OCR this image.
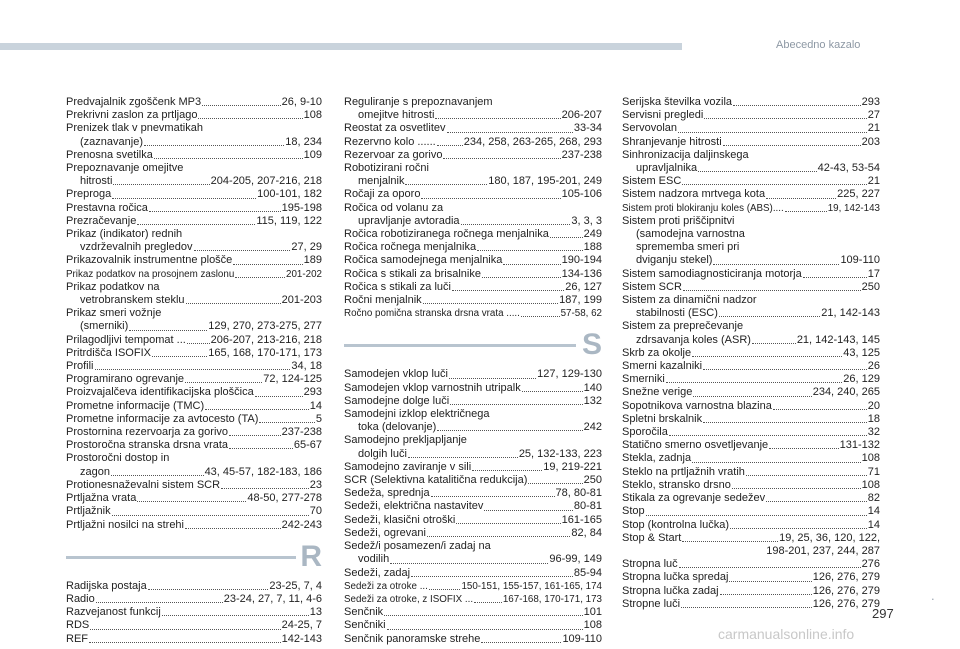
Abecedno kazalo
Predvajalnik zgoščenk MP3	26, 9-10
Prekrivni zaslon za prtljago	108
Prenizek tlak v pnevmatikah
(zaznavanje)	18, 234
Prenosna svetilka	109
Prepoznavanje omejitve
hitrosti	204-205, 207-216, 218
Preproga	100-101, 182
Prestavna ročica	195-198
Prezračevanje	115, 119, 122
Prikaz (indikator) rednih
vzdrževalnih pregledov	27, 29
Prikazovalnik instrumentne plošče	189
Prikaz podatkov na prosojnem zaslonu	201-202
Prikaz podatkov na
vetrobranskem steklu	201-203
Prikaz smeri vožnje
(smerniki)	129, 270, 273-275, 277
Prilagodljivi tempomat ... 206-207, 213-216, 218
Pritrdišča ISOFIX	165, 168, 170-171, 173
Profili	34, 18
Programirano ogrevanje	72, 124-125
Proizvajalčeva identifikacijska ploščica	293
Prometne informacije (TMC)	14
Prometne informacije za avtocesto (TA)	5
Prostornina rezervoarja za gorivo	237-238
Prostoročna stranska drsna vrata	65-67
Prostoročni dostop in
zagon	43, 45-57, 182-183, 186
Protionesnaževalni sistem SCR	23
Prtljažna vrata	48-50, 277-278
Prtljažnik	70
Prtljažni nosilci na strehi	242-243
R
Radijska postaja	23-25, 7, 4
Radio	23-24, 27, 7, 11, 4-6
Razvejanost funkcij	13
RDS	24-25, 7
REF	142-143
Reguliranje s prepoznavanjem
omejitve hitrosti	206-207
Reostat za osvetlitev	33-34
Rezervno kolo ......	234, 258, 263-265, 268, 293
Rezervoar za gorivo	237-238
Robotizirani ročni
menjalnik	180, 187, 195-201, 249
Ročaji za oporo	105-106
Ročica od volanu za
upravljanje avtoradia	3, 3, 3
Ročica robotiziranega ročnega menjalnika	249
Ročica ročnega menjalnika	188
Ročica samodejnega menjalnika	190-194
Ročica s stikali za brisalnike	134-136
Ročica s stikali za luči	26, 127
Ročni menjalnik	187, 199
Ročno pomična stranska drsna vrata .....	57-58, 62
S
Samodejen vklop luči	127, 129-130
Samodejen vklop varnostnih utripalk	140
Samodejne dolge luči	132
Samodejni izklop električnega
toka (delovanje)	242
Samodejno prekljapljanje
dolgih luči	25, 132-133, 223
Samodejno zaviranje v sili	19, 219-221
SCR (Selektivna katalitična redukcija)	250
Sedeža, sprednja	78, 80-81
Sedeži, električna nastavitev	80-81
Sedeži, klasični otroški	161-165
Sedeži, ogrevani	82, 84
Sedež/i posamezen/i zadaj na
vodilih	96-99, 149
Sedeži, zadaj	85-94
Sedeži za otroke ...	150-151, 155-157, 161-165, 174
Sedeži za otroke, z ISOFIX ...	167-168, 170-171, 173
Senčnik	101
Senčniki	108
Senčnik panoramske strehe	109-110
Serijska številka vozila	293
Servisni pregledi	27
Servovolan	21
Shranjevanje hitrosti	203
Sinhronizacija daljinskega
upravljalnika	42-43, 53-54
Sistem ESC	21
Sistem nadzora mrtvega kota	225, 227
Sistem proti blokiranju koles (ABS)....	19, 142-143
Sistem proti priščipnitvi
(samodejna varnostna
sprememba smeri pri
dviganju stekel)	109-110
Sistem samodiagnosticiranja motorja	17
Sistem SCR	250
Sistem za dinamični nadzor
stabilnosti (ESC)	21, 142-143
Sistem za preprečevanje
zdrsavanja koles (ASR)	21, 142-143, 145
Skrb za okolje	43, 125
Smerni kazalniki	26
Smerniki	26, 129
Snežne verige	234, 240, 265
Sopotnikova varnostna blazina	20
Spletni brskalnik	18
Sporočila	32
Statično smerno osvetljevanje	131-132
Stekla, zadnja	108
Steklo na prtljažnih vratih	71
Steklo, stransko drsno	108
Stikala za ogrevanje sedežev	82
Stop	14
Stop (kontrolna lučka)	14
Stop & Start	19, 25, 36, 120, 122,
198-201, 237, 244, 287
Stropna luč	276
Stropna lučka spredaj	126, 276, 279
Stropna lučka zadaj	126, 276, 279
Stropne luči	126, 276, 279
.
297
carmanualsonline.info
